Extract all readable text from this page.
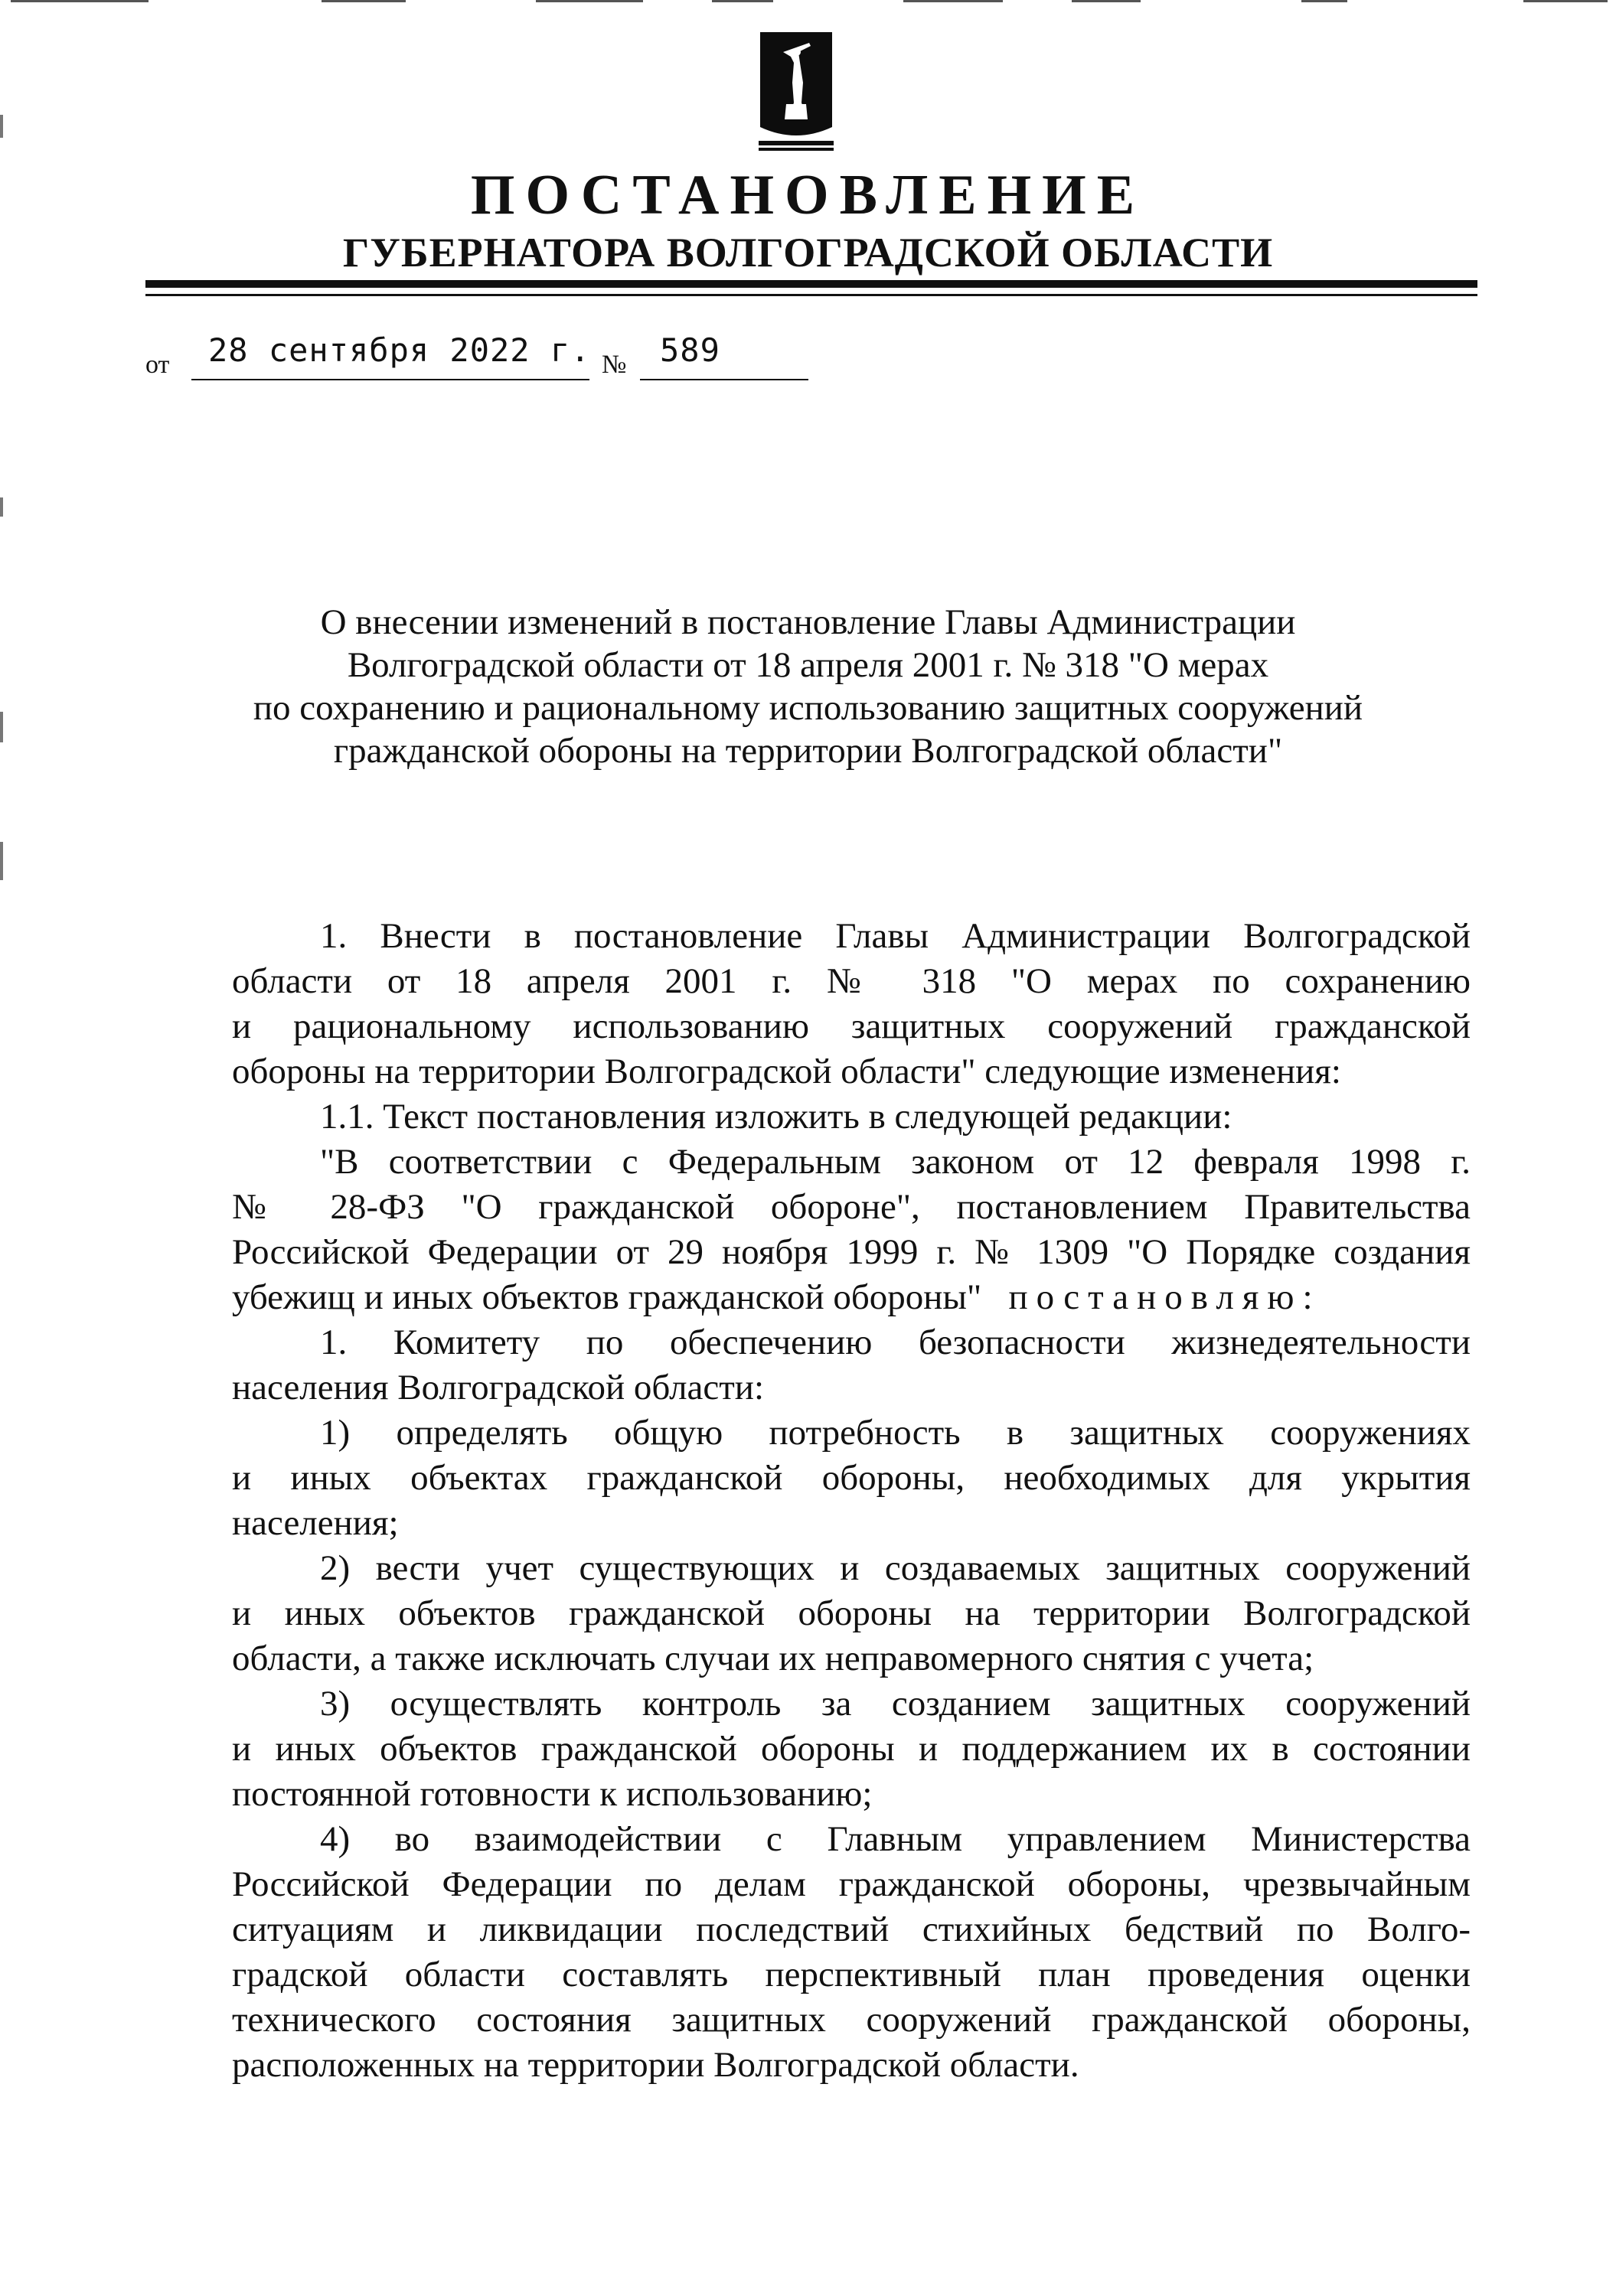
ПОСТАНОВЛЕНИЕ
ГУБЕРНАТОРА ВОЛГОГРАДСКОЙ ОБЛАСТИ
от 28 сентября 2022 г. № 589
О внесении изменений в постановление Главы Администрации
Волгоградской области от 18 апреля 2001 г. № 318 "О мерах
по сохранению и рациональному использованию защитных сооружений
гражданской обороны на территории Волгоградской области"
1. Внести в постановление Главы Администрации Волгоградской
области от 18 апреля 2001 г. № 318 "О мерах по сохранению
и рациональному использованию защитных сооружений гражданской
обороны на территории Волгоградской области" следующие изменения:
1.1. Текст постановления изложить в следующей редакции:
"В соответствии с Федеральным законом от 12 февраля 1998 г.
№ 28-ФЗ "О гражданской обороне", постановлением Правительства
Российской Федерации от 29 ноября 1999 г. № 1309 "О Порядке создания
убежищ и иных объектов гражданской обороны" постановляю:
1. Комитету по обеспечению безопасности жизнедеятельности
населения Волгоградской области:
1) определять общую потребность в защитных сооружениях
и иных объектах гражданской обороны, необходимых для укрытия
населения;
2) вести учет существующих и создаваемых защитных сооружений
и иных объектов гражданской обороны на территории Волгоградской
области, а также исключать случаи их неправомерного снятия с учета;
3) осуществлять контроль за созданием защитных сооружений
и иных объектов гражданской обороны и поддержанием их в состоянии
постоянной готовности к использованию;
4) во взаимодействии с Главным управлением Министерства
Российской Федерации по делам гражданской обороны, чрезвычайным
ситуациям и ликвидации последствий стихийных бедствий по Волго-
градской области составлять перспективный план проведения оценки
технического состояния защитных сооружений гражданской обороны,
расположенных на территории Волгоградской области.
